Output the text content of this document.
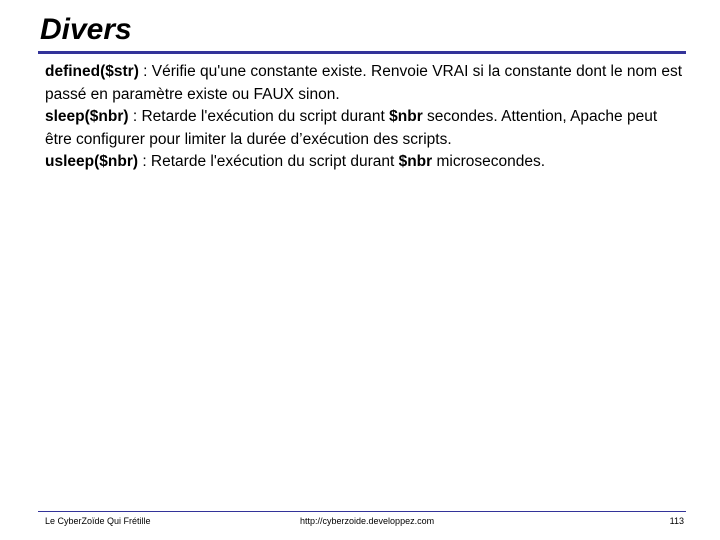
Divers

defined($str) : Vérifie qu'une constante existe. Renvoie VRAI si la constante dont le nom est passé en paramètre existe ou FAUX sinon.

sleep($nbr) : Retarde l'exécution du script durant $nbr secondes. Attention, Apache peut être configurer pour limiter la durée d’exécution des scripts.

usleep($nbr) : Retarde l'exécution du script durant $nbr microsecondes.

Le CyberZoïde Qui Frétille	http://cyberzoide.developpez.com	113
